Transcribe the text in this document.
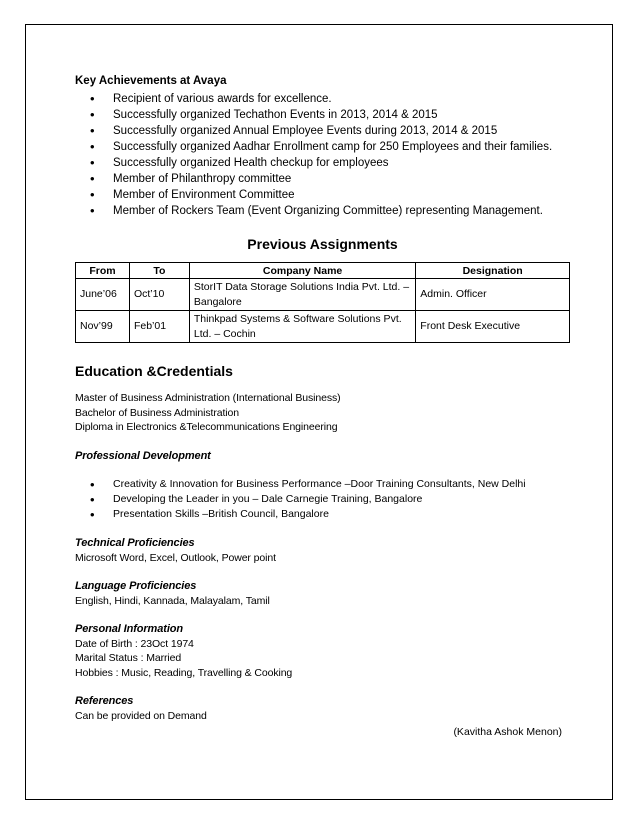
Key Achievements at Avaya
• Recipient of various awards for excellence.
• Successfully organized Techathon Events in 2013, 2014 & 2015
• Successfully organized Annual Employee Events during 2013, 2014 & 2015
• Successfully organized Aadhar Enrollment camp for 250 Employees and their families.
• Successfully organized Health checkup for employees
• Member of Philanthropy committee
• Member of Environment Committee
• Member of Rockers Team (Event Organizing Committee) representing Management.
Previous Assignments
From	To	Company Name	Designation
June’06	Oct’10	StorIT Data Storage Solutions India Pvt. Ltd. – Bangalore	Admin. Officer
Nov’99	Feb’01	Thinkpad Systems & Software Solutions Pvt. Ltd. – Cochin	Front Desk Executive
Education &Credentials
Master of Business Administration (International Business)
Bachelor of Business Administration
Diploma in Electronics &Telecommunications Engineering
Professional Development
• Creativity & Innovation for Business Performance –Door Training Consultants, New Delhi
• Developing the Leader in you – Dale Carnegie Training, Bangalore
• Presentation Skills –British Council, Bangalore
Technical Proficiencies
Microsoft Word, Excel, Outlook, Power point
Language Proficiencies
English, Hindi, Kannada, Malayalam, Tamil
Personal Information
Date of Birth : 23Oct 1974
Marital Status : Married
Hobbies : Music, Reading, Travelling & Cooking
References
Can be provided on Demand
(Kavitha Ashok Menon)
